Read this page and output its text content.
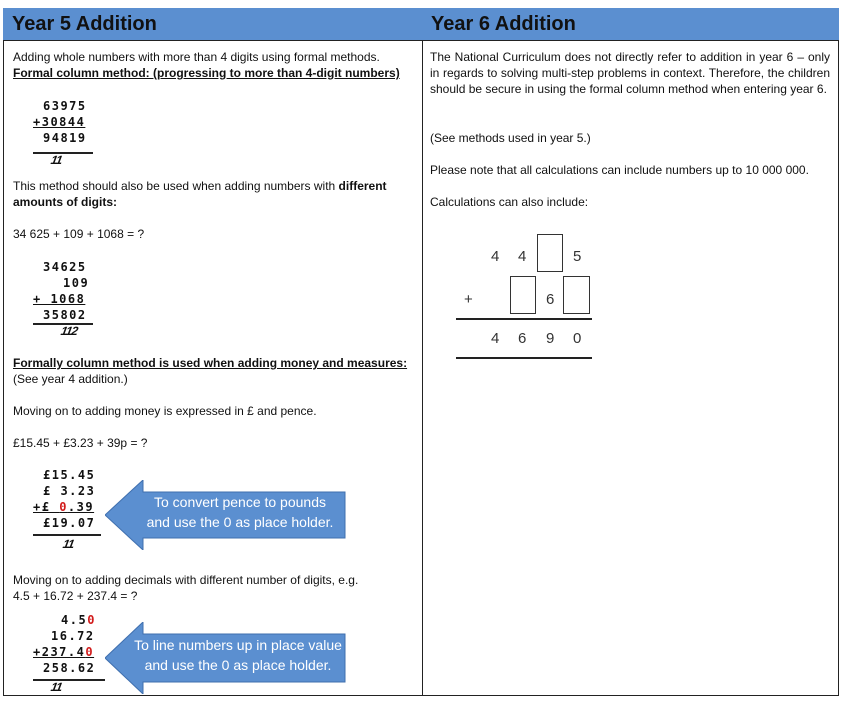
Year 5 Addition
Adding whole numbers with more than 4 digits using formal methods.
Formal column method: (progressing to more than 4-digit numbers)
63975
+30844
94819
11
This method should also be used when adding numbers with different
amounts of digits:
34 625 + 109 + 1068 = ?
34625
109
+ 1068
35802
112
Formally column method is used when adding money and measures:
(See year 4 addition.)
Moving on to adding money is expressed in £ and pence.
£15.45 + £3.23 + 39p = ?
£15.45
£ 3.23
+£ 0.39
£19.07
11
To convert pence to pounds
and use the 0 as place holder.
Moving on to adding decimals with different number of digits, e.g.
4.5 + 16.72 + 237.4 = ?
4.50
16.72
+237.40
258.62
11
To line numbers up in place value
and use the 0 as place holder.
Year 6 Addition
The National Curriculum does not directly refer to addition in year 6 – only in regards to solving multi-step problems in context. Therefore, the children should be secure in using the formal column method when entering year 6.
(See methods used in year 5.)
Please note that all calculations can include numbers up to 10 000 000.
Calculations can also include:
4 4	5
+	6
4 6 9 0
